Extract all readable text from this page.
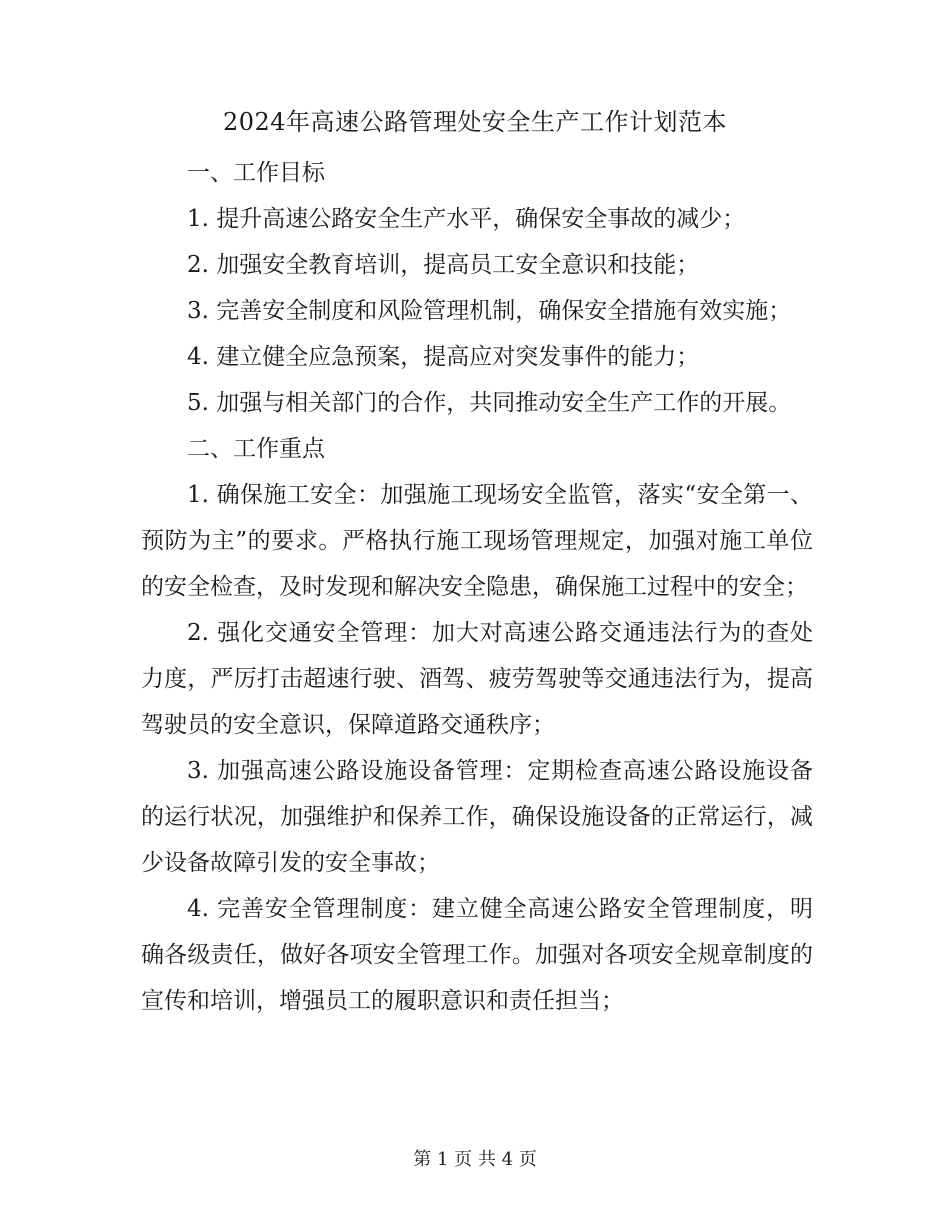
2024年高速公路管理处安全生产工作计划范本

一、工作目标

1. 提升高速公路安全生产水平，确保安全事故的减少；

2. 加强安全教育培训，提高员工安全意识和技能；

3. 完善安全制度和风险管理机制，确保安全措施有效实施；

4. 建立健全应急预案，提高应对突发事件的能力；

5. 加强与相关部门的合作，共同推动安全生产工作的开展。

二、工作重点

1. 确保施工安全：加强施工现场安全监管，落实“安全第一、预防为主”的要求。严格执行施工现场管理规定，加强对施工单位的安全检查，及时发现和解决安全隐患，确保施工过程中的安全；

2. 强化交通安全管理：加大对高速公路交通违法行为的查处力度，严厉打击超速行驶、酒驾、疲劳驾驶等交通违法行为，提高驾驶员的安全意识，保障道路交通秩序；

3. 加强高速公路设施设备管理：定期检查高速公路设施设备的运行状况，加强维护和保养工作，确保设施设备的正常运行，减少设备故障引发的安全事故；

4. 完善安全管理制度：建立健全高速公路安全管理制度，明确各级责任，做好各项安全管理工作。加强对各项安全规章制度的宣传和培训，增强员工的履职意识和责任担当；

第 1 页 共 4 页
